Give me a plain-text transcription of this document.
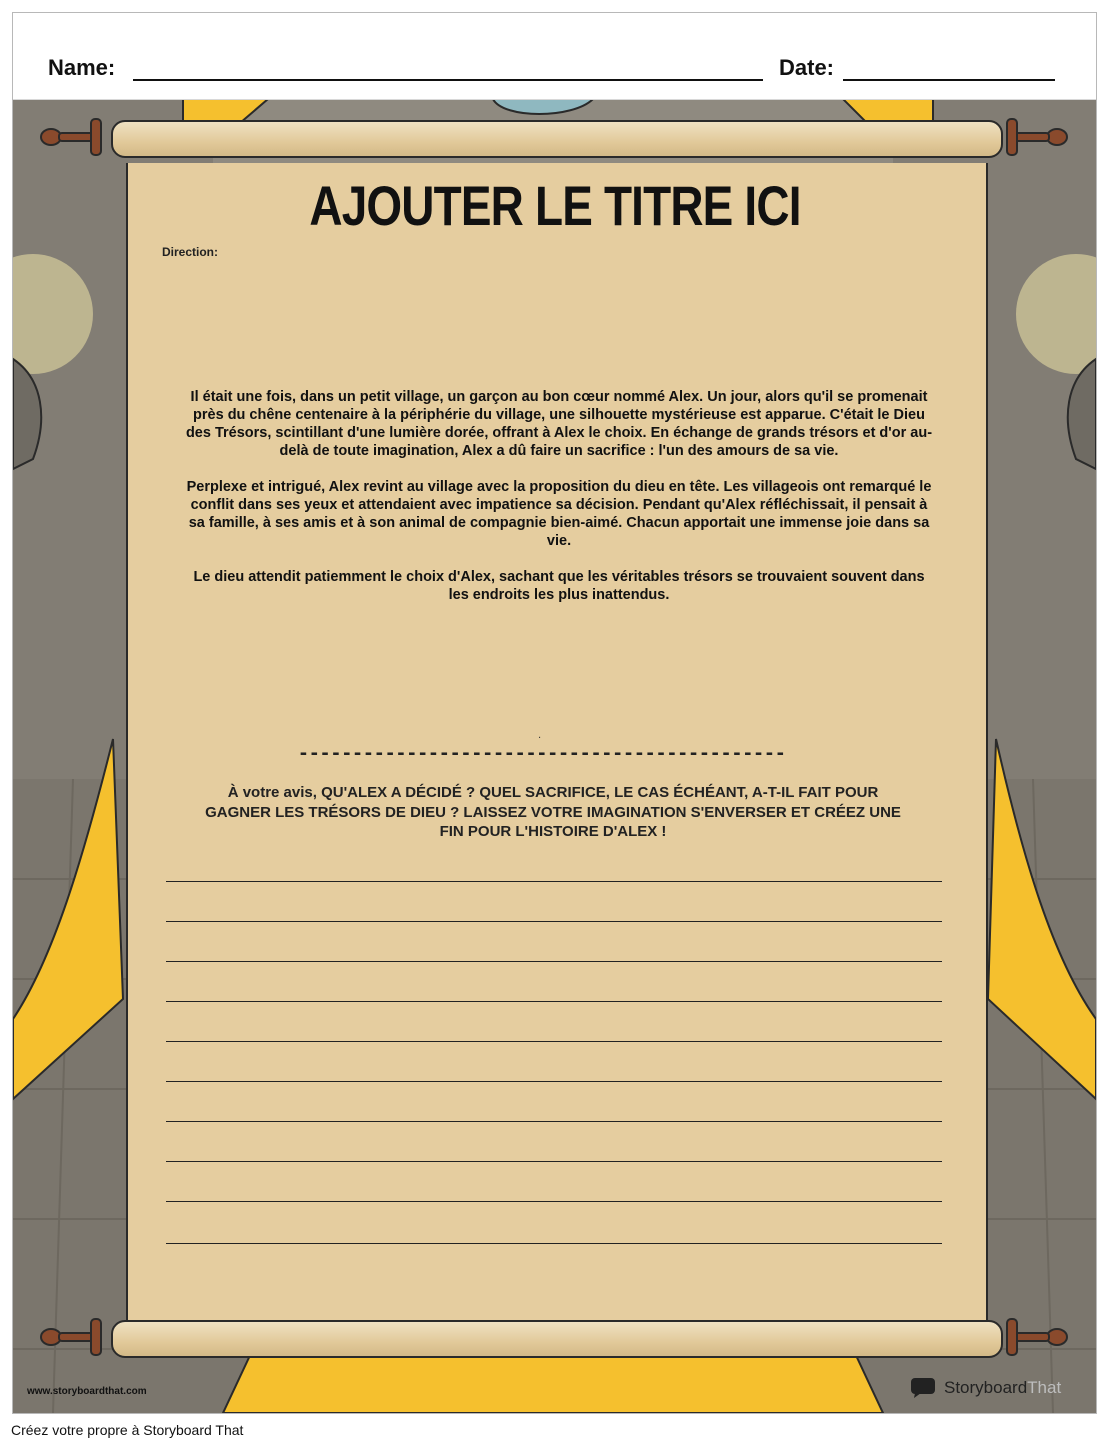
Name:	Date:
AJOUTER LE TITRE ICI
Direction:

Il était une fois, dans un petit village, un garçon au bon cœur nommé Alex. Un jour, alors qu'il se promenait près du chêne centenaire à la périphérie du village, une silhouette mystérieuse est apparue. C'était le Dieu des Trésors, scintillant d'une lumière dorée, offrant à Alex le choix. En échange de grands trésors et d'or au-delà de toute imagination, Alex a dû faire un sacrifice : l'un des amours de sa vie.

Perplexe et intrigué, Alex revint au village avec la proposition du dieu en tête. Les villageois ont remarqué le conflit dans ses yeux et attendaient avec impatience sa décision. Pendant qu'Alex réfléchissait, il pensait à sa famille, à ses amis et à son animal de compagnie bien-aimé. Chacun apportait une immense joie dans sa vie.

Le dieu attendit patiemment le choix d'Alex, sachant que les véritables trésors se trouvaient souvent dans les endroits les plus inattendus.

.
---------------------------------------------
À votre avis, QU'ALEX A DÉCIDÉ ? QUEL SACRIFICE, LE CAS ÉCHÉANT, A-T-IL FAIT POUR GAGNER LES TRÉSORS DE DIEU ? LAISSEZ VOTRE IMAGINATION S'ENVERSER ET CRÉEZ UNE FIN POUR L'HISTOIRE D'ALEX !
www.storyboardthat.com	StoryboardThat
Créez votre propre à Storyboard That
